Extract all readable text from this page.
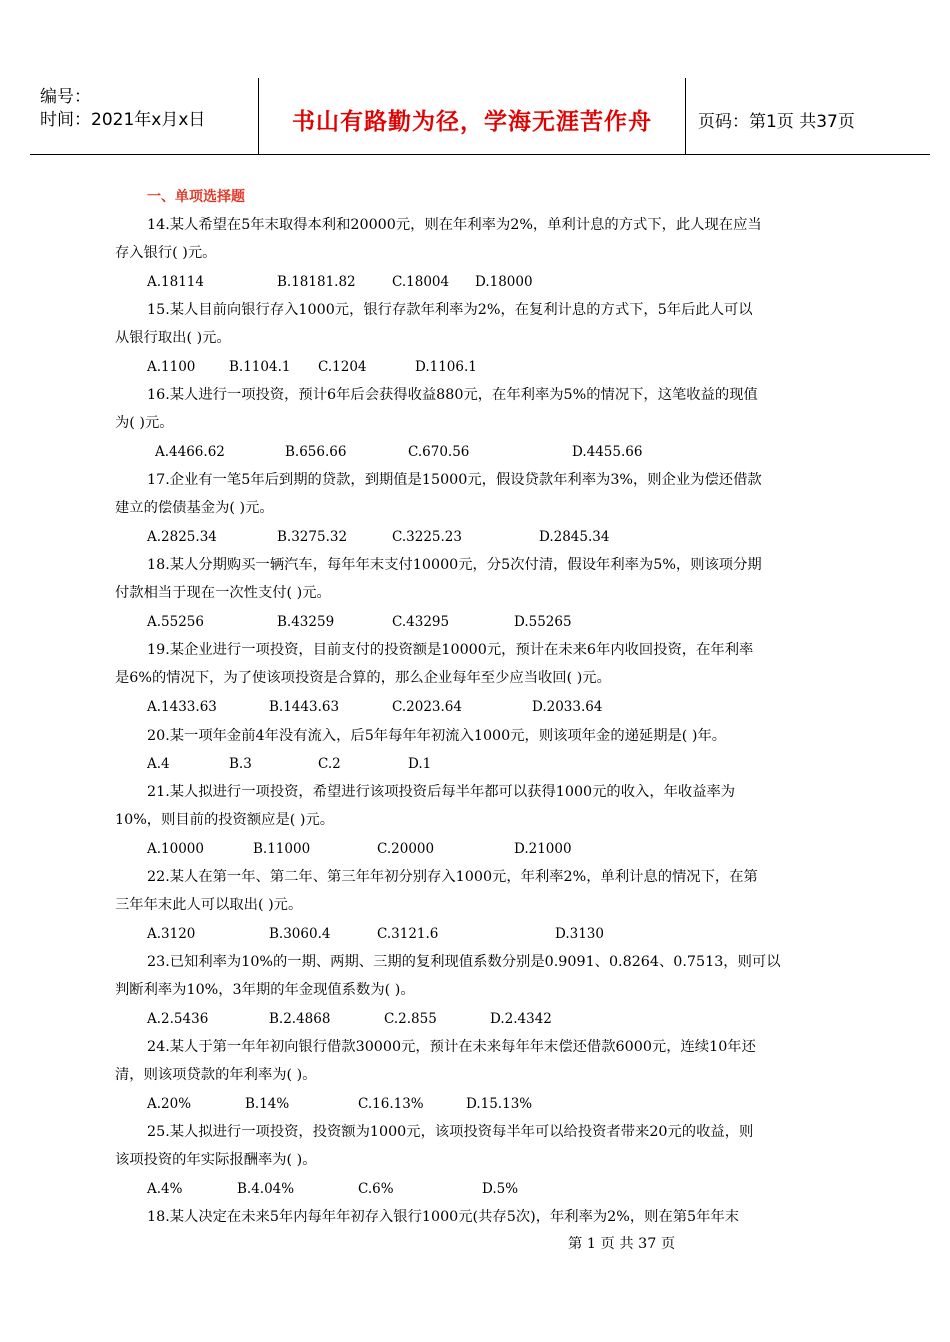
编号：
时间：2021年x月x日	书山有路勤为径，学海无涯苦作舟	页码：第1页 共37页
一、单项选择题
14.某人希望在5年末取得本利和20000元，则在年利率为2%，单利计息的方式下，此人现在应当
存入银行( )元。
A.18114	B.18181.82	C.18004 D.18000
15.某人目前向银行存入1000元，银行存款年利率为2%，在复利计息的方式下，5年后此人可以
从银行取出( )元。
A.1100 B.1104.1 C.1204	D.1106.1
16.某人进行一项投资，预计6年后会获得收益880元，在年利率为5%的情况下，这笔收益的现值
为( )元。
A.4466.62	B.656.66	C.670.56	D.4455.66
17.企业有一笔5年后到期的贷款，到期值是15000元，假设贷款年利率为3%，则企业为偿还借款
建立的偿债基金为( )元。
A.2825.34	B.3275.32	C.3225.23	D.2845.34
18.某人分期购买一辆汽车，每年年末支付10000元，分5次付清，假设年利率为5%，则该项分期
付款相当于现在一次性支付( )元。
A.55256	B.43259	C.43295	D.55265
19.某企业进行一项投资，目前支付的投资额是10000元，预计在未来6年内收回投资，在年利率
是6%的情况下，为了使该项投资是合算的，那么企业每年至少应当收回( )元。
A.1433.63	B.1443.63	C.2023.64	D.2033.64
20.某一项年金前4年没有流入，后5年每年年初流入1000元，则该项年金的递延期是( )年。
A.4	B.3	C.2	D.1
21.某人拟进行一项投资，希望进行该项投资后每半年都可以获得1000元的收入，年收益率为
10%，则目前的投资额应是( )元。
A.10000	B.11000	C.20000	D.21000
22.某人在第一年、第二年、第三年年初分别存入1000元，年利率2%，单利计息的情况下，在第
三年年末此人可以取出( )元。
A.3120	B.3060.4	C.3121.6	D.3130
23.已知利率为10%的一期、两期、三期的复利现值系数分别是0.9091、0.8264、0.7513，则可以
判断利率为10%，3年期的年金现值系数为( )。
A.2.5436	B.2.4868	C.2.855	D.2.4342
24.某人于第一年年初向银行借款30000元，预计在未来每年年末偿还借款6000元，连续10年还
清，则该项贷款的年利率为( )。
A.20%	B.14%	C.16.13%	D.15.13%
25.某人拟进行一项投资，投资额为1000元，该项投资每半年可以给投资者带来20元的收益，则
该项投资的年实际报酬率为( )。
A.4%	B.4.04%	C.6%	D.5%
18.某人决定在未来5年内每年年初存入银行1000元(共存5次)，年利率为2%，则在第5年年末
第 1 页 共 37 页
